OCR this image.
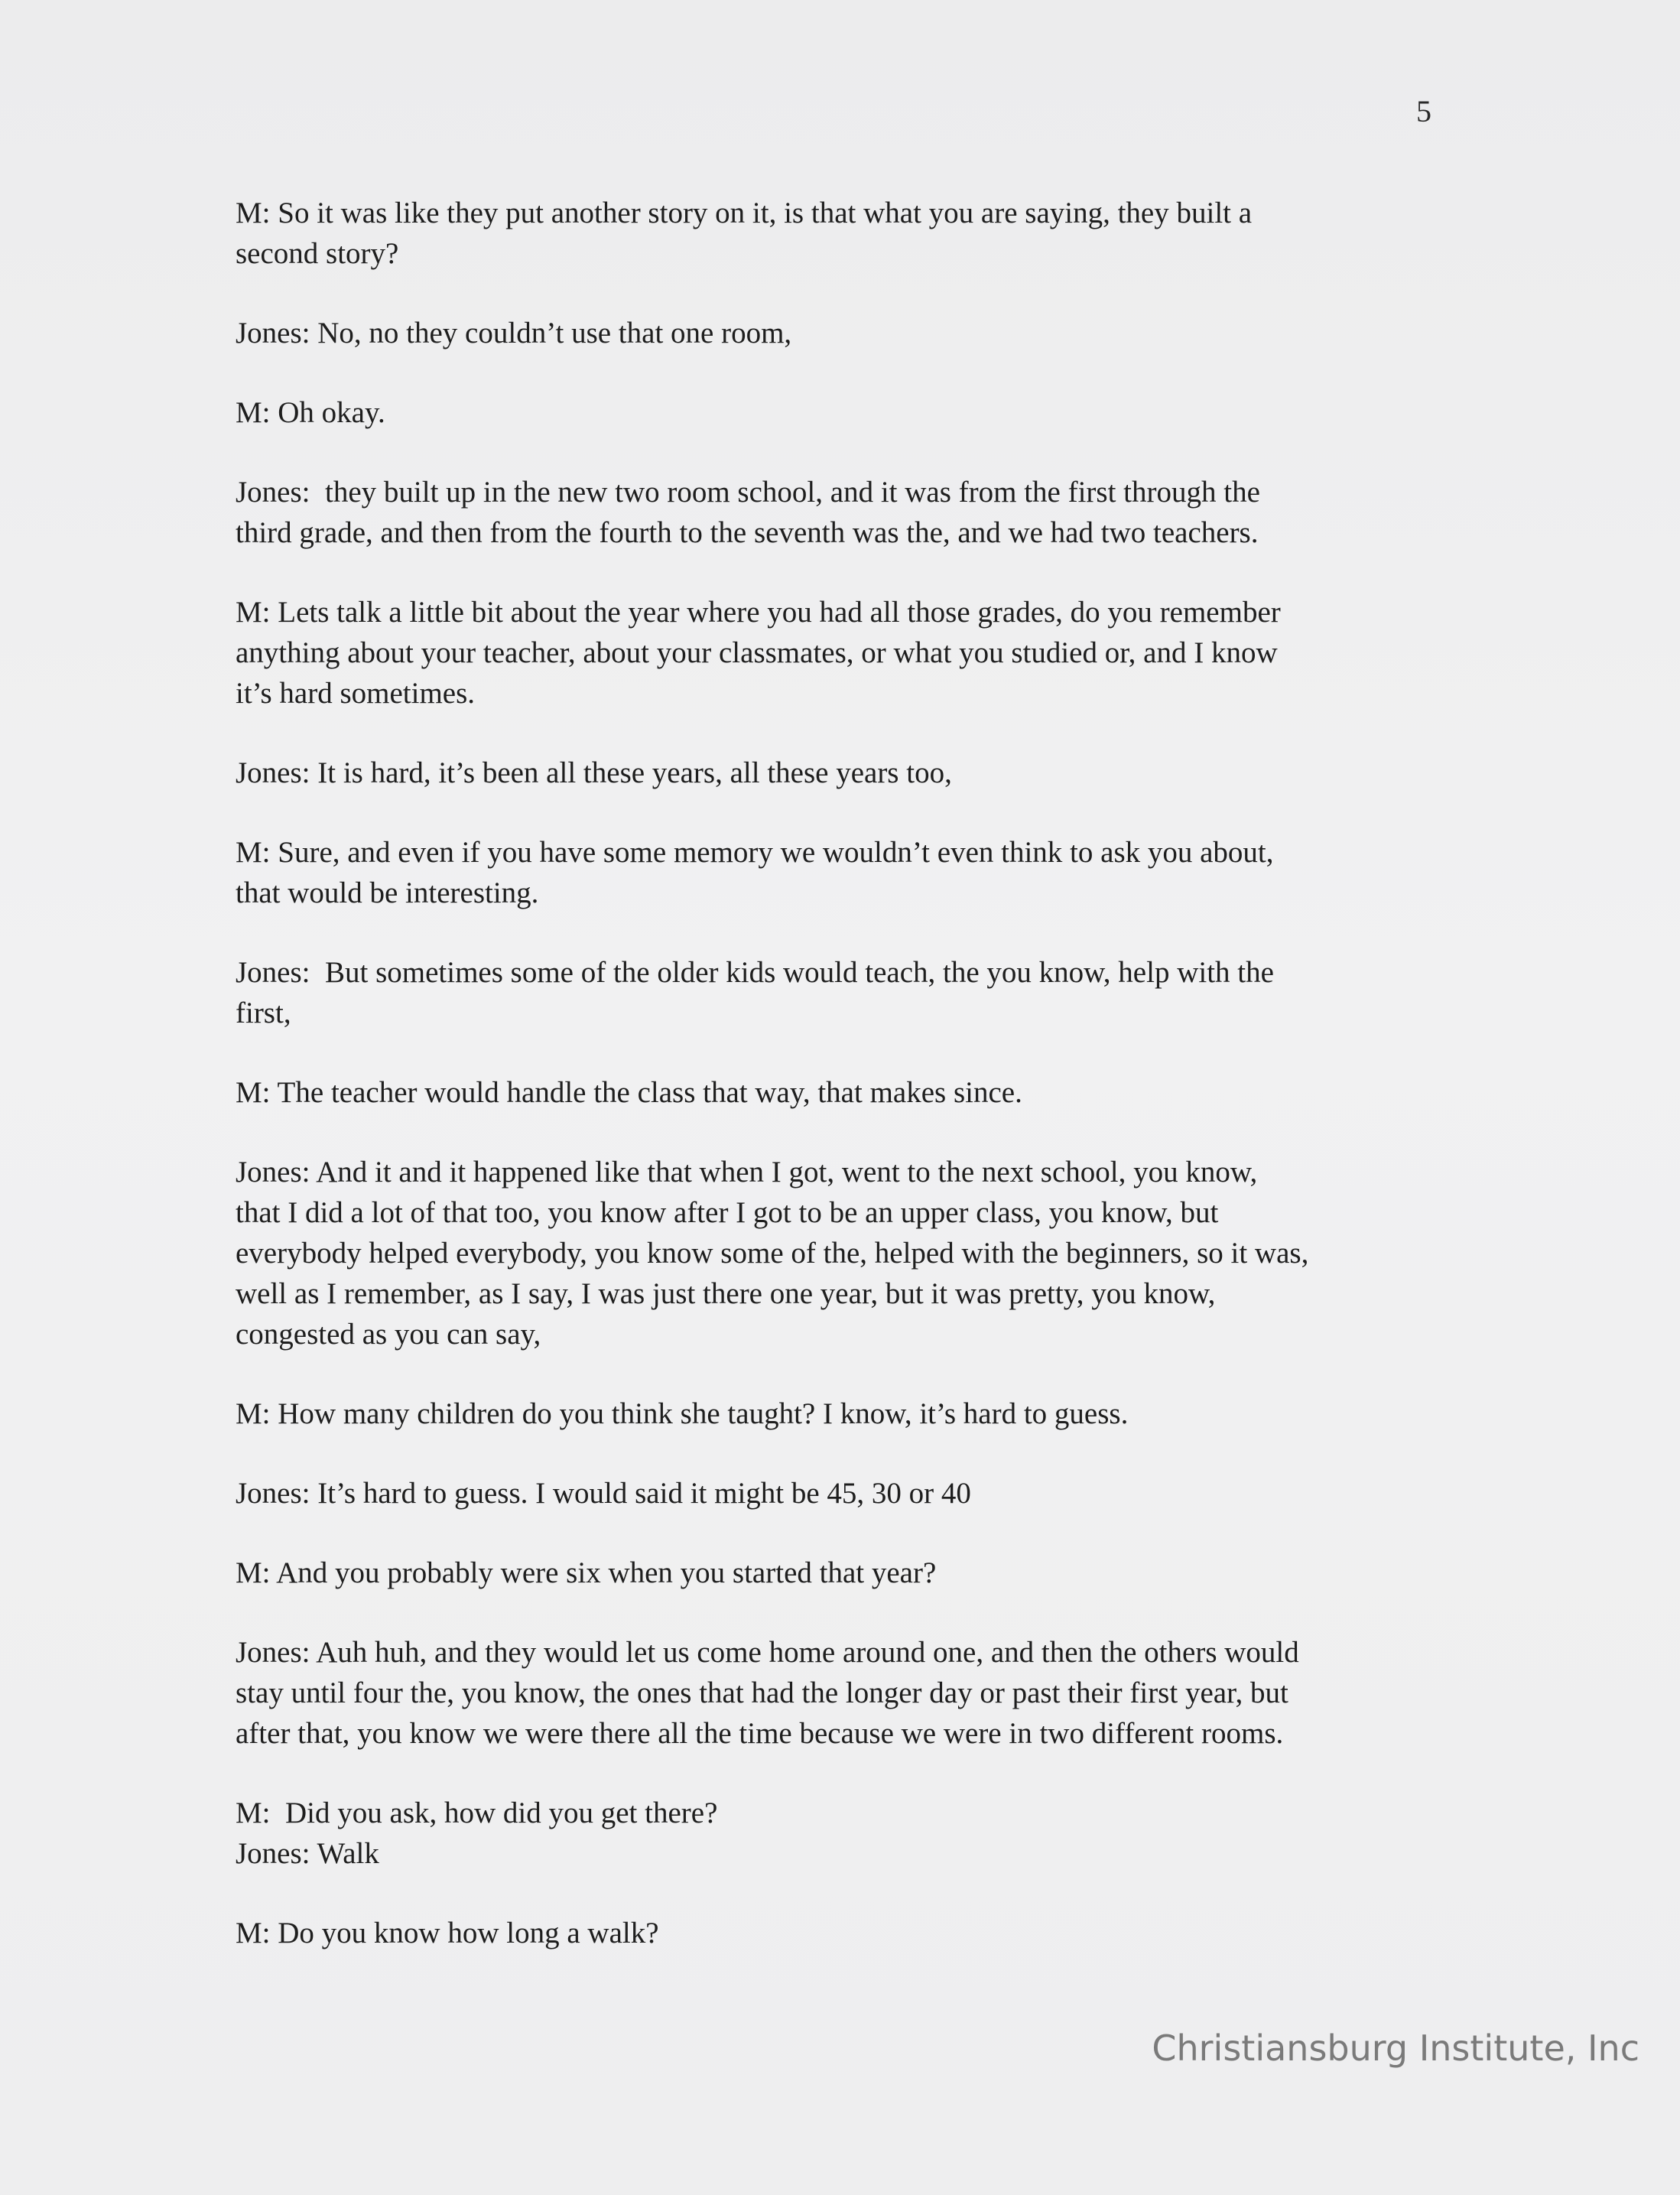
5

M: So it was like they put another story on it, is that what you are saying, they built a
second story?

Jones: No, no they couldn’t use that one room,

M: Oh okay.

Jones:  they built up in the new two room school, and it was from the first through the
third grade, and then from the fourth to the seventh was the, and we had two teachers.

M: Lets talk a little bit about the year where you had all those grades, do you remember
anything about your teacher, about your classmates, or what you studied or, and I know
it’s hard sometimes.

Jones: It is hard, it’s been all these years, all these years too,

M: Sure, and even if you have some memory we wouldn’t even think to ask you about,
that would be interesting.

Jones:  But sometimes some of the older kids would teach, the you know, help with the
first,

M: The teacher would handle the class that way, that makes since.

Jones: And it and it happened like that when I got, went to the next school, you know,
that I did a lot of that too, you know after I got to be an upper class, you know, but
everybody helped everybody, you know some of the, helped with the beginners, so it was,
well as I remember, as I say, I was just there one year, but it was pretty, you know,
congested as you can say,

M: How many children do you think she taught? I know, it’s hard to guess.

Jones: It’s hard to guess. I would said it might be 45, 30 or 40

M: And you probably were six when you started that year?

Jones: Auh huh, and they would let us come home around one, and then the others would
stay until four the, you know, the ones that had the longer day or past their first year, but
after that, you know we were there all the time because we were in two different rooms.

M:  Did you ask, how did you get there?

Jones: Walk

M: Do you know how long a walk?

Christiansburg Institute, Inc
